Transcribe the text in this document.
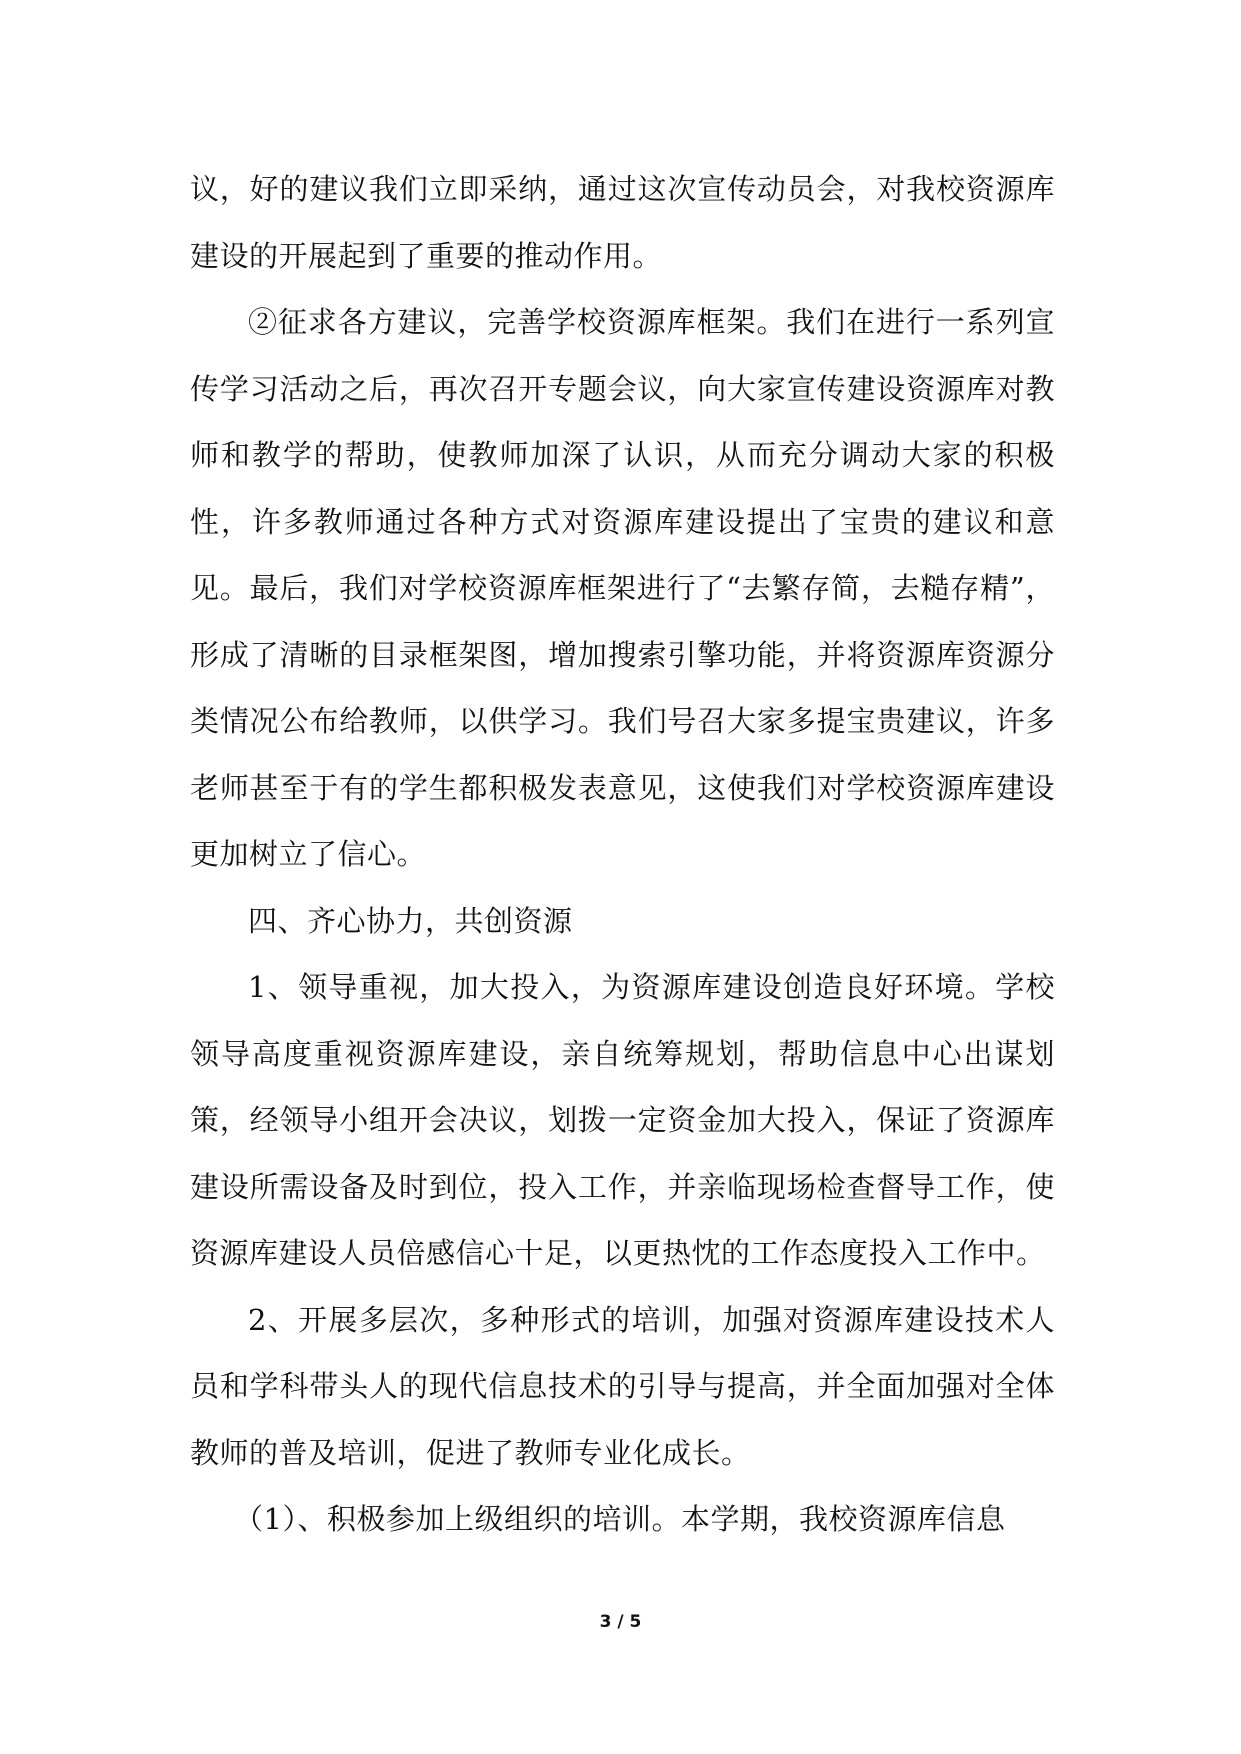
议，好的建议我们立即采纳，通过这次宣传动员会，对我校资源库建设的开展起到了重要的推动作用。

②征求各方建议，完善学校资源库框架。我们在进行一系列宣传学习活动之后，再次召开专题会议，向大家宣传建设资源库对教师和教学的帮助，使教师加深了认识，从而充分调动大家的积极性，许多教师通过各种方式对资源库建设提出了宝贵的建议和意见。最后，我们对学校资源库框架进行了“去繁存简，去糙存精”，形成了清晰的目录框架图，增加搜索引擎功能，并将资源库资源分类情况公布给教师，以供学习。我们号召大家多提宝贵建议，许多老师甚至于有的学生都积极发表意见，这使我们对学校资源库建设更加树立了信心。

四、齐心协力，共创资源

1、领导重视，加大投入，为资源库建设创造良好环境。学校领导高度重视资源库建设，亲自统筹规划，帮助信息中心出谋划策，经领导小组开会决议，划拨一定资金加大投入，保证了资源库建设所需设备及时到位，投入工作，并亲临现场检查督导工作，使资源库建设人员倍感信心十足，以更热忱的工作态度投入工作中。

2、开展多层次，多种形式的培训，加强对资源库建设技术人员和学科带头人的现代信息技术的引导与提高，并全面加强对全体教师的普及培训，促进了教师专业化成长。

（1）、积极参加上级组织的培训。本学期，我校资源库信息

3 / 5
